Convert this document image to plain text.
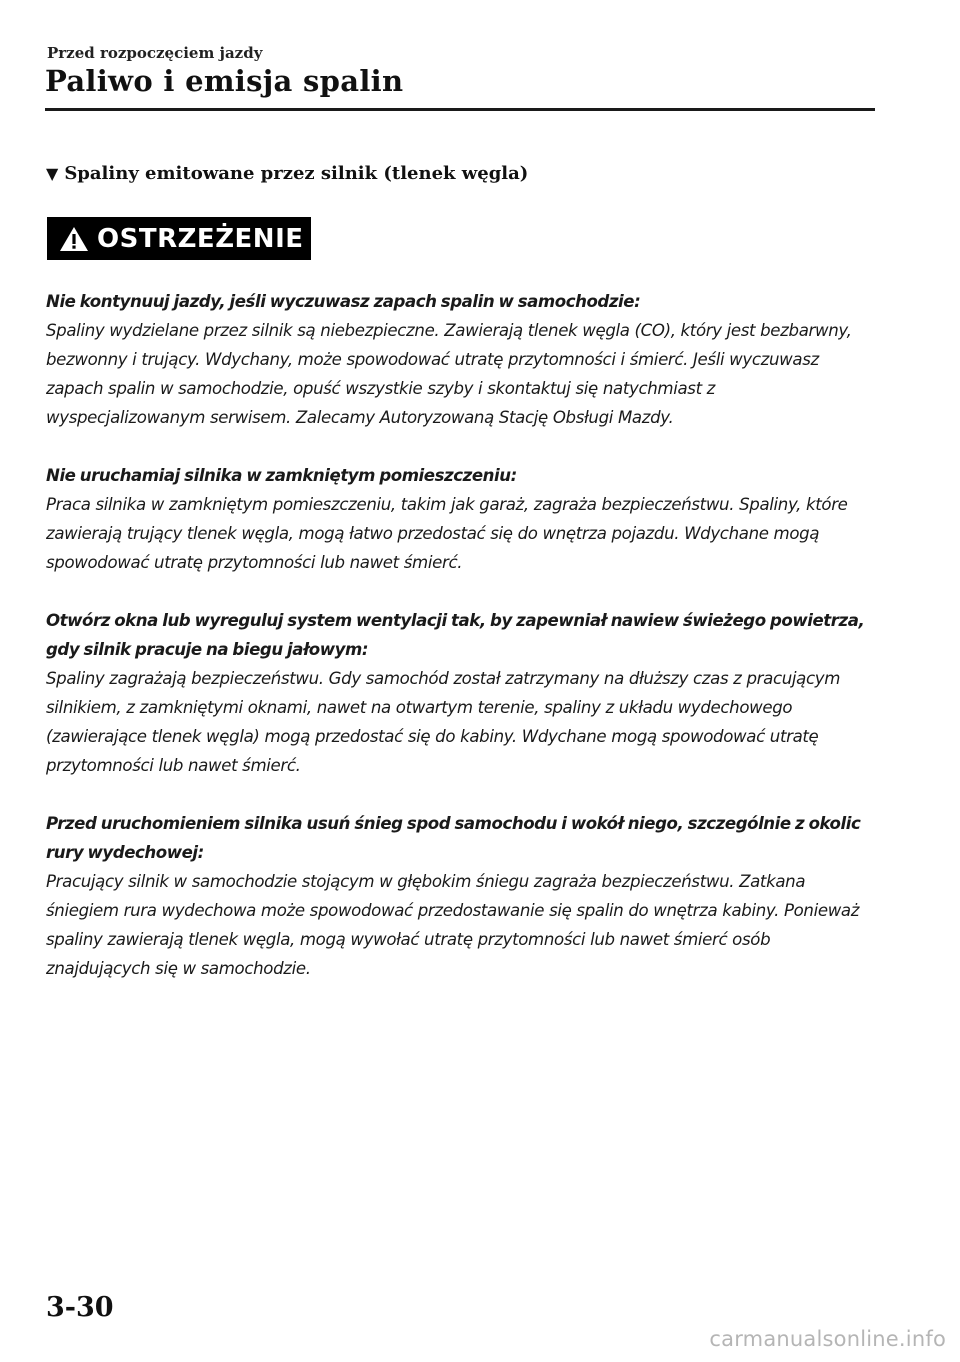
Przed rozpoczęciem jazdy
Paliwo i emisja spalin
▼ Spaliny emitowane przez silnik (tlenek węgla)
OSTRZEŻENIE
Nie kontynuuj jazdy, jeśli wyczuwasz zapach spalin w samochodzie:

Spaliny wydzielane przez silnik są niebezpieczne. Zawierają tlenek węgla (CO), który jest bezbarwny, bezwonny i trujący. Wdychany, może spowodować utratę przytomności i śmierć. Jeśli wyczuwasz zapach spalin w samochodzie, opuść wszystkie szyby i skontaktuj się natychmiast z wyspecjalizowanym serwisem. Zalecamy Autoryzowaną Stację Obsługi Mazdy.

Nie uruchamiaj silnika w zamkniętym pomieszczeniu:

Praca silnika w zamkniętym pomieszczeniu, takim jak garaż, zagraża bezpieczeństwu. Spaliny, które zawierają trujący tlenek węgla, mogą łatwo przedostać się do wnętrza pojazdu. Wdychane mogą spowodować utratę przytomności lub nawet śmierć.

Otwórz okna lub wyreguluj system wentylacji tak, by zapewniał nawiew świeżego powietrza, gdy silnik pracuje na biegu jałowym:

Spaliny zagrażają bezpieczeństwu. Gdy samochód został zatrzymany na dłuższy czas z pracującym silnikiem, z zamkniętymi oknami, nawet na otwartym terenie, spaliny z układu wydechowego (zawierające tlenek węgla) mogą przedostać się do kabiny. Wdychane mogą spowodować utratę przytomności lub nawet śmierć.

Przed uruchomieniem silnika usuń śnieg spod samochodu i wokół niego, szczególnie z okolic rury wydechowej:

Pracujący silnik w samochodzie stojącym w głębokim śniegu zagraża bezpieczeństwu. Zatkana śniegiem rura wydechowa może spowodować przedostawanie się spalin do wnętrza kabiny. Ponieważ spaliny zawierają tlenek węgla, mogą wywołać utratę przytomności lub nawet śmierć osób znajdujących się w samochodzie.

3-30
carmanualsonline.info
